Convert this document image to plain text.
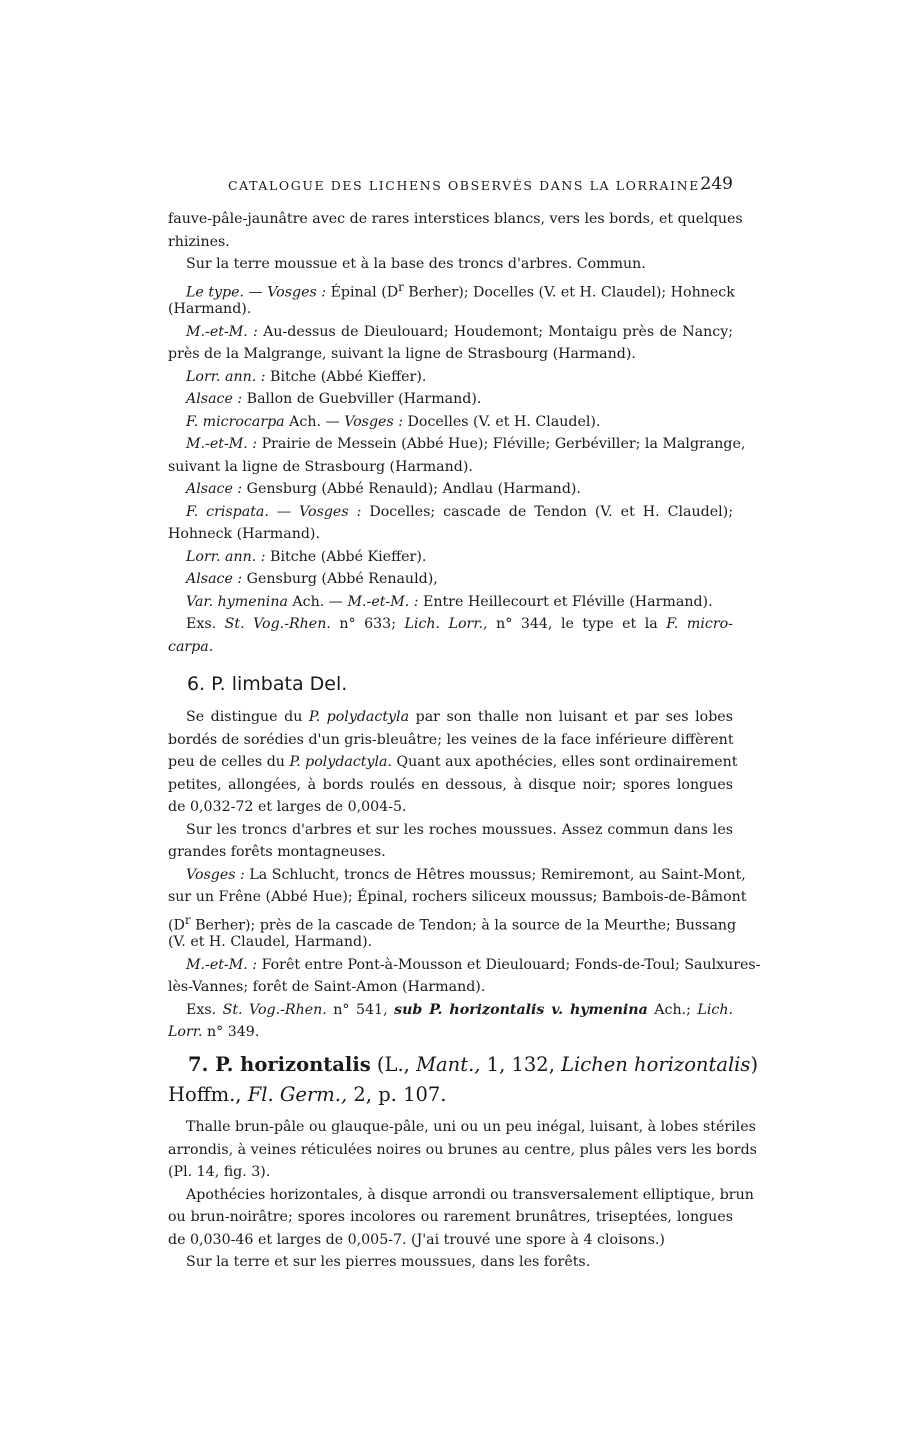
CATALOGUE DES LICHENS OBSERVÉS DANS LA LORRAINE.
249
fauve-pâle-jaunâtre avec de rares interstices blancs, vers les bords, et quelques
rhizines.
Sur la terre moussue et à la base des troncs d'arbres. Commun.
Le type. — Vosges : Épinal ($D^r$ Berher); Docelles (V. et H. Claudel); Hohneck
(Harmand).
M.-et-M. : Au-dessus de Dieulouard; Houdemont; Montaigu près de Nancy;
près de la Malgrange, suivant la ligne de Strasbourg (Harmand).
Lorr. ann. : Bitche (Abbé Kieffer).
Alsace : Ballon de Guebviller (Harmand).
F. microcarpa Ach. — Vosges : Docelles (V. et H. Claudel).
M.-et-M. : Prairie de Messein (Abbé Hue); Fléville; Gerbéviller; la Malgrange,
suivant la ligne de Strasbourg (Harmand).
Alsace : Gensburg (Abbé Renauld); Andlau (Harmand).
F. crispata. — Vosges : Docelles; cascade de Tendon (V. et H. Claudel);
Hohneck (Harmand).
Lorr. ann. : Bitche (Abbé Kieffer).
Alsace : Gensburg (Abbé Renauld),
Var. hymenina Ach. — M.-et-M. : Entre Heillecourt et Fléville (Harmand).
Exs. St. Vog.-Rhen. n° 633; Lich. Lorr., n° 344, le type et la F. micro-
carpa.
6. P. limbata Del.
Se distingue du P. polydactyla par son thalle non luisant et par ses lobes
bordés de sorédies d'un gris-bleuâtre; les veines de la face inférieure diffèrent
peu de celles du P. polydactyla. Quant aux apothécies, elles sont ordinairement
petites, allongées, à bords roulés en dessous, à disque noir; spores longues
de 0,032-72 et larges de 0,004-5.
Sur les troncs d'arbres et sur les roches moussues. Assez commun dans les
grandes forêts montagneuses.
Vosges : La Schlucht, troncs de Hêtres moussus; Remiremont, au Saint-Mont,
sur un Frêne (Abbé Hue); Épinal, rochers siliceux moussus; Bambois-de-Bâmont
($D^r$ Berher); près de la cascade de Tendon; à la source de la Meurthe; Bussang
(V. et H. Claudel, Harmand).
M.-et-M. : Forêt entre Pont-à-Mousson et Dieulouard; Fonds-de-Toul; Saulxures-
lès-Vannes; forêt de Saint-Amon (Harmand).
Exs. St. Vog.-Rhen. n° 541, sub P. horizontalis v. hymenina Ach.; Lich.
Lorr. n° 349.
7. P. horizontalis (L., Mant., 1, 132, Lichen horizontalis)
Hoffm., Fl. Germ., 2, p. 107.
Thalle brun-pâle ou glauque-pâle, uni ou un peu inégal, luisant, à lobes stériles
arrondis, à veines réticulées noires ou brunes au centre, plus pâles vers les bords
(Pl. 14, fig. 3).
Apothécies horizontales, à disque arrondi ou transversalement elliptique, brun
ou brun-noirâtre; spores incolores ou rarement brunâtres, triseptées, longues
de 0,030-46 et larges de 0,005-7. (J'ai trouvé une spore à 4 cloisons.)
Sur la terre et sur les pierres moussues, dans les forêts.
